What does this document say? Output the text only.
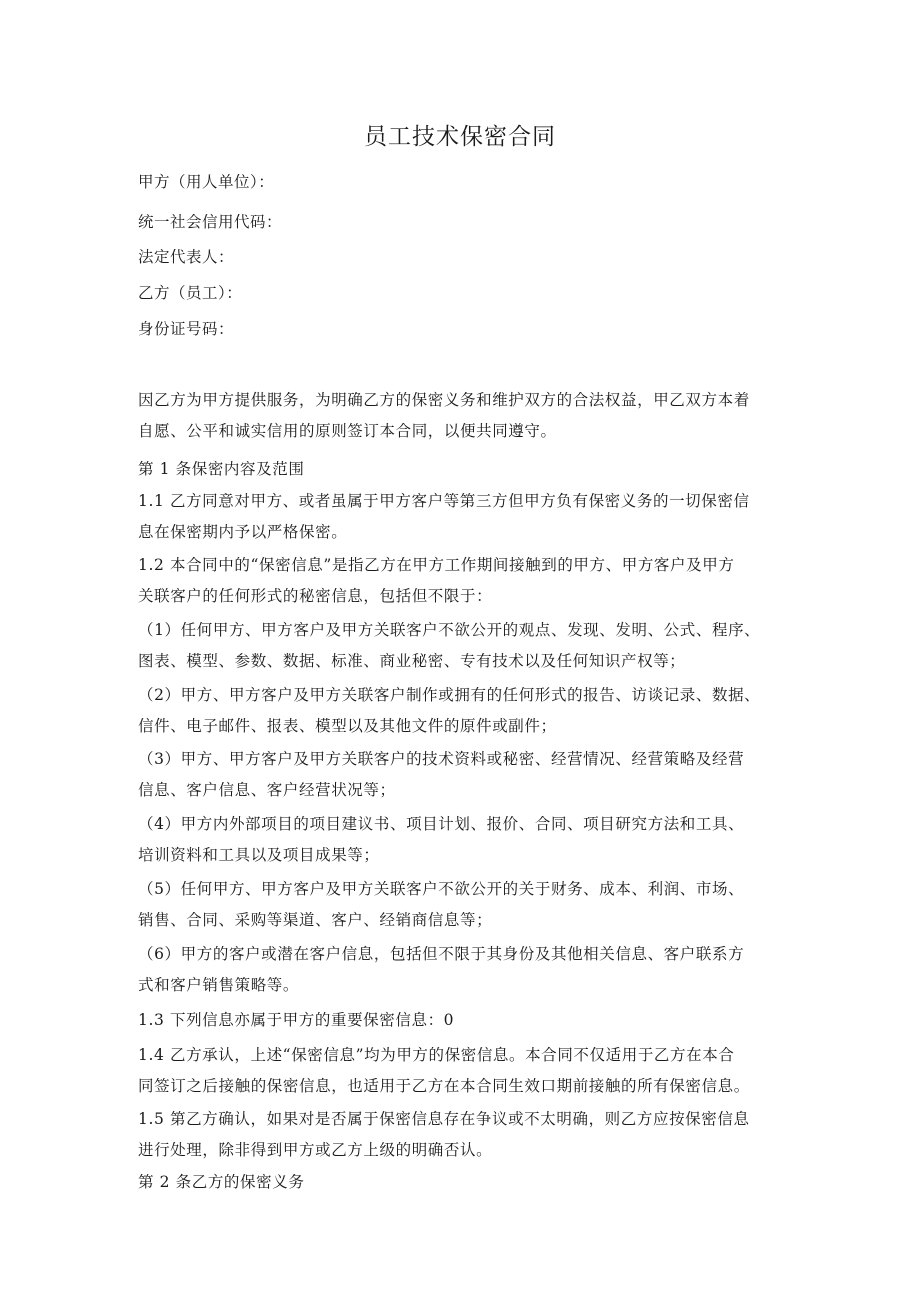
员工技术保密合同
甲方（用人单位）：
统一社会信用代码：
法定代表人：
乙方（员工）：
身份证号码：
因乙方为甲方提供服务，为明确乙方的保密义务和维护双方的合法权益，甲乙双方本着
自愿、公平和诚实信用的原则签订本合同，以便共同遵守。
第 1 条保密内容及范围
1.1 乙方同意对甲方、或者虽属于甲方客户等第三方但甲方负有保密义务的一切保密信
息在保密期内予以严格保密。
1.2 本合同中的“保密信息”是指乙方在甲方工作期间接触到的甲方、甲方客户及甲方
关联客户的任何形式的秘密信息，包括但不限于：
（1）任何甲方、甲方客户及甲方关联客户不欲公开的观点、发现、发明、公式、程序、
图表、模型、参数、数据、标准、商业秘密、专有技术以及任何知识产权等；
（2）甲方、甲方客户及甲方关联客户制作或拥有的任何形式的报告、访谈记录、数据、
信件、电子邮件、报表、模型以及其他文件的原件或副件；
（3）甲方、甲方客户及甲方关联客户的技术资料或秘密、经营情况、经营策略及经营
信息、客户信息、客户经营状况等；
（4）甲方内外部项目的项目建议书、项目计划、报价、合同、项目研究方法和工具、
培训资料和工具以及项目成果等；
（5）任何甲方、甲方客户及甲方关联客户不欲公开的关于财务、成本、利润、市场、
销售、合同、采购等渠道、客户、经销商信息等；
（6）甲方的客户或潜在客户信息，包括但不限于其身份及其他相关信息、客户联系方
式和客户销售策略等。
1.3 下列信息亦属于甲方的重要保密信息：0
1.4 乙方承认，上述“保密信息”均为甲方的保密信息。本合同不仅适用于乙方在本合
同签订之后接触的保密信息，也适用于乙方在本合同生效口期前接触的所有保密信息。
1.5 第乙方确认，如果对是否属于保密信息存在争议或不太明确，则乙方应按保密信息
进行处理，除非得到甲方或乙方上级的明确否认。
第 2 条乙方的保密义务
